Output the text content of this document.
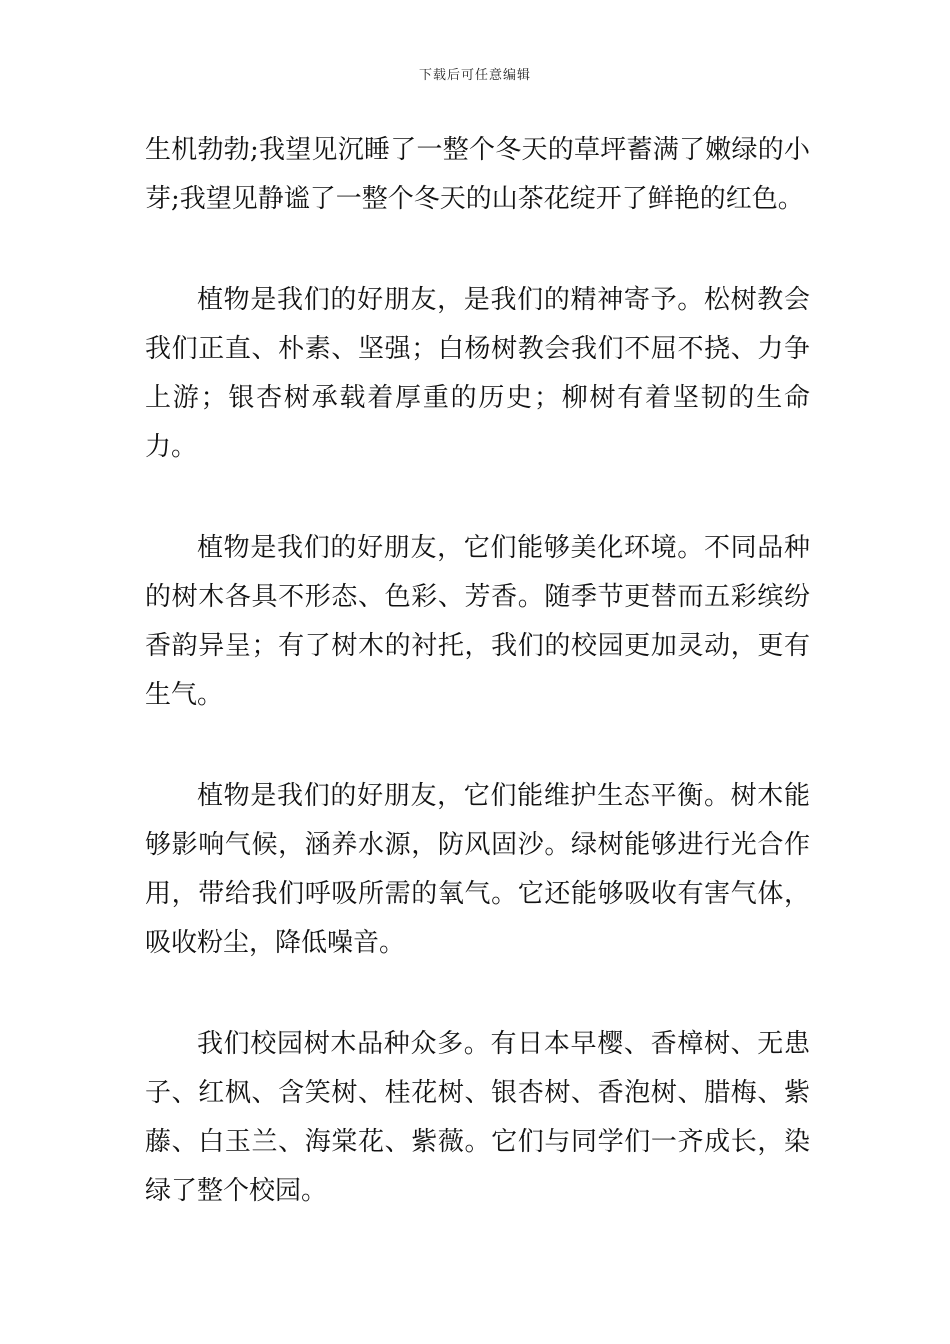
下载后可任意编辑

生机勃勃;我望见沉睡了一整个冬天的草坪蓄满了嫩绿的小芽;我望见静谧了一整个冬天的山茶花绽开了鲜艳的红色。

植物是我们的好朋友，是我们的精神寄予。松树教会我们正直、朴素、坚强；白杨树教会我们不屈不挠、力争上游；银杏树承载着厚重的历史；柳树有着坚韧的生命力。

植物是我们的好朋友，它们能够美化环境。不同品种的树木各具不形态、色彩、芳香。随季节更替而五彩缤纷香韵异呈；有了树木的衬托，我们的校园更加灵动，更有生气。

植物是我们的好朋友，它们能维护生态平衡。树木能够影响气候，涵养水源，防风固沙。绿树能够进行光合作用，带给我们呼吸所需的氧气。它还能够吸收有害气体，吸收粉尘，降低噪音。

我们校园树木品种众多。有日本早樱、香樟树、无患子、红枫、含笑树、桂花树、银杏树、香泡树、腊梅、紫藤、白玉兰、海棠花、紫薇。它们与同学们一齐成长，染绿了整个校园。
